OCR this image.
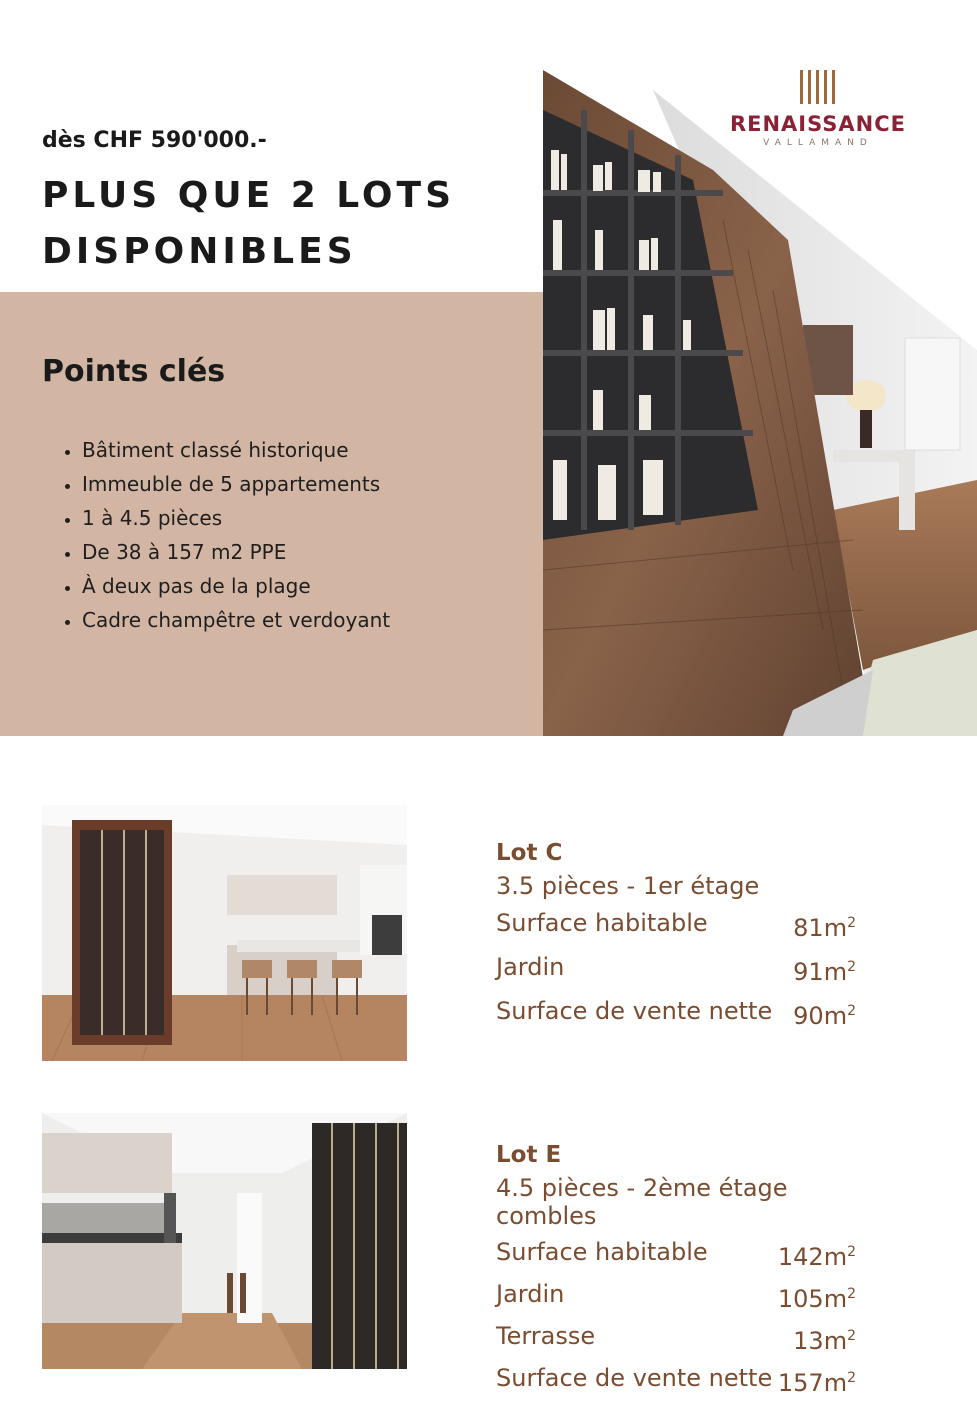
dès CHF 590'000.-
PLUS QUE 2 LOTS
DISPONIBLES
Points clés
• Bâtiment classé historique
• Immeuble de 5 appartements
• 1 à 4.5 pièces
• De 38 à 157 m2 PPE
• À deux pas de la plage
• Cadre champêtre et verdoyant
RENAISSANCE
VALLAMAND
Lot C
3.5 pièces - 1er étage
Surface habitable	$81m^2$
Jardin	$91m^2$
Surface de vente nette $90m^2$
Lot E
4.5 pièces - 2ème étage combles
Surface habitable	$142m^2$
Jardin	$105m^2$
Terrasse	$13m^2$
Surface de vente nette $157m^2$
